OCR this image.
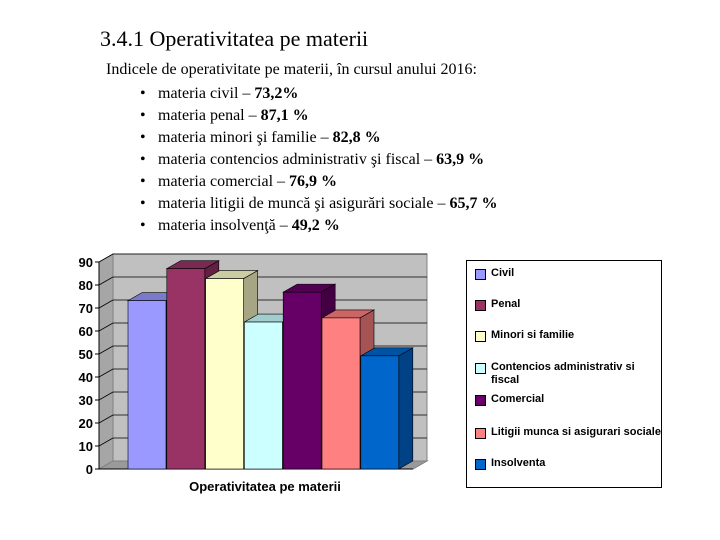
3.4.1 Operativitatea pe materii
Indicele de operativitate pe materii, în cursul anului 2016:
• materia civil – 73,2%
• materia penal – 87,1 %
• materia minori şi familie – 82,8 %
• materia contencios administrativ şi fiscal – 63,9 %
• materia comercial – 76,9 %
• materia litigii de muncă şi asigurări sociale – 65,7 %
• materia insolvenţă – 49,2 %
0
10
20
30
40
50
60
70
80
90
Operativitatea pe materii
Civil
Penal
Minori si familie
Contencios administrativ si fiscal
Comercial
Litigii munca si asigurari sociale
Insolventa
